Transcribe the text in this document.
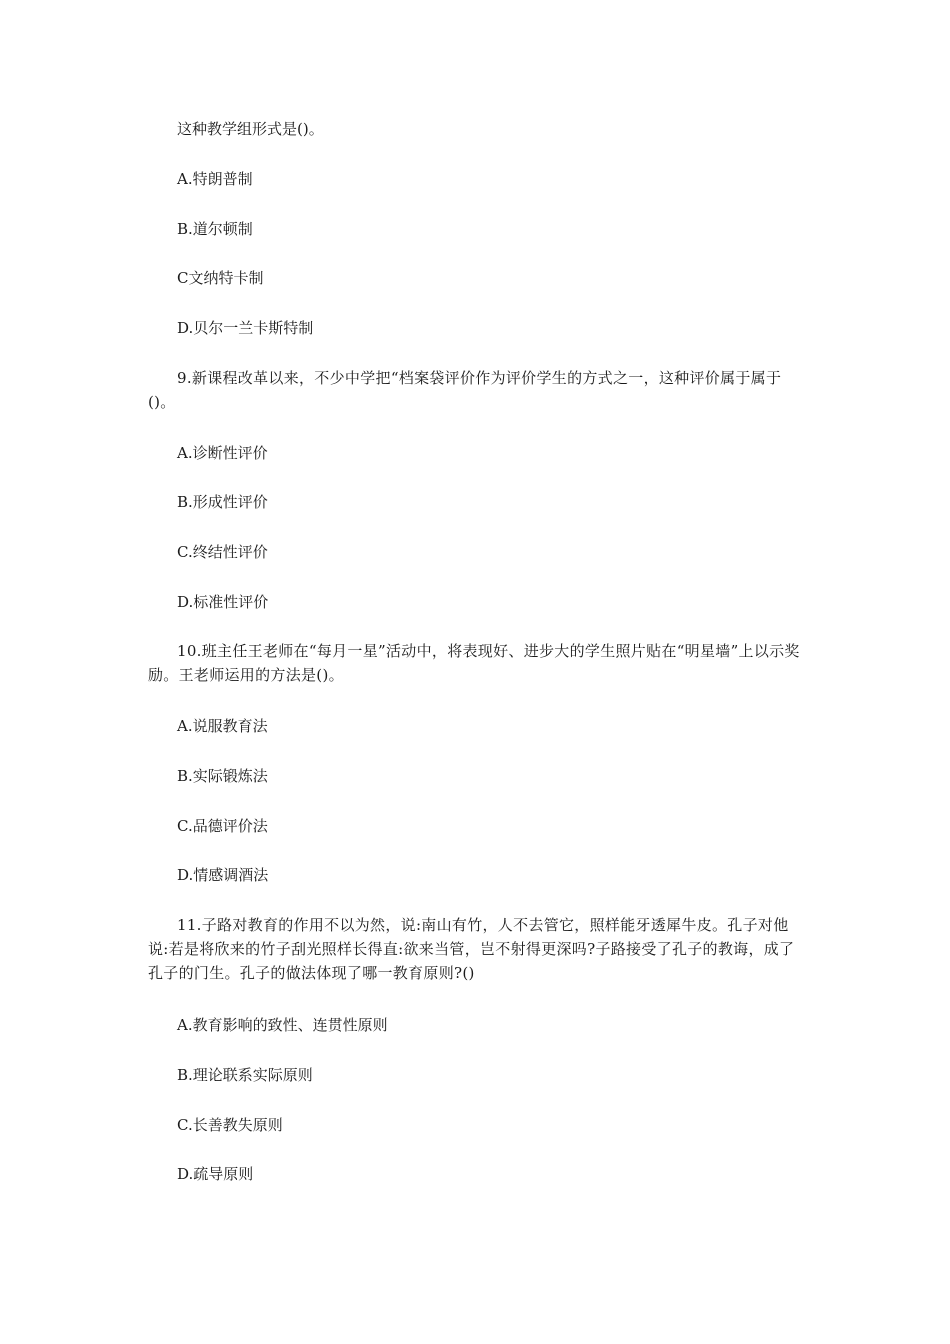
这种教学组形式是()。
A.特朗普制
B.道尔顿制
C文纳特卡制
D.贝尔一兰卡斯特制
9.新课程改革以来，不少中学把“档案袋评价作为评价学生的方式之一，这种评价属于属于()。
A.诊断性评价
B.形成性评价
C.终结性评价
D.标准性评价
10.班主任王老师在“每月一星”活动中，将表现好、进步大的学生照片贴在“明星墙”上以示奖励。王老师运用的方法是()。
A.说服教育法
B.实际锻炼法
C.品德评价法
D.情感调酒法
11.子路对教育的作用不以为然，说:南山有竹，人不去管它，照样能牙透犀牛皮。孔子对他说:若是将欣来的竹子刮光照样长得直:欲来当管，岂不射得更深吗?子路接受了孔子的教诲，成了孔子的门生。孔子的做法体现了哪一教育原则?()
A.教育影响的致性、连贯性原则
B.理论联系实际原则
C.长善教失原则
D.疏导原则
